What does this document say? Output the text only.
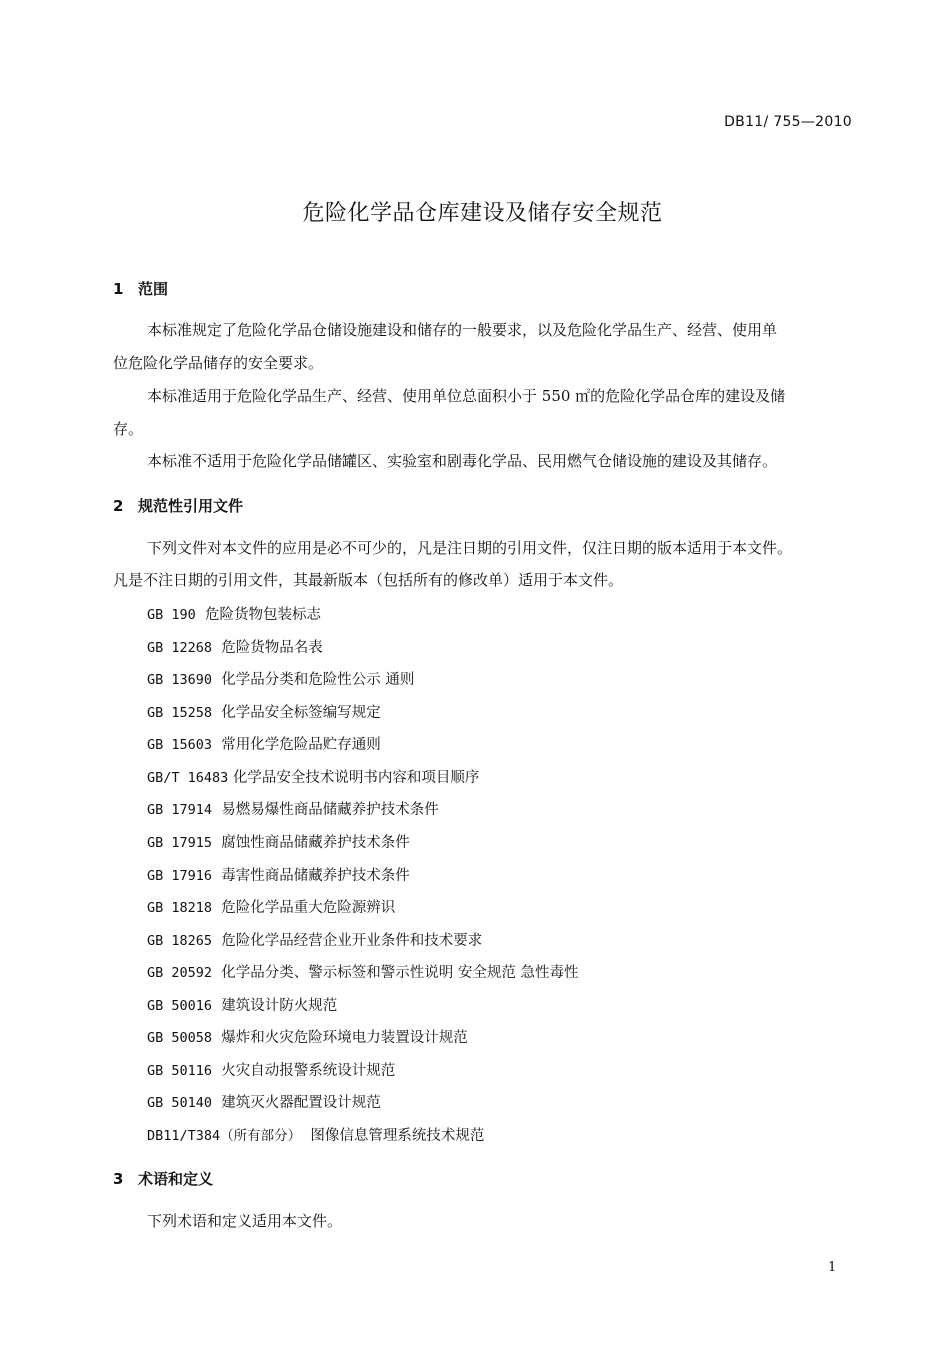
DB11/ 755—2010
危险化学品仓库建设及储存安全规范
1 范围
本标准规定了危险化学品仓储设施建设和储存的一般要求，以及危险化学品生产、经营、使用单
位危险化学品储存的安全要求。
本标准适用于危险化学品生产、经营、使用单位总面积小于 550 ㎡的危险化学品仓库的建设及储
存。
本标准不适用于危险化学品储罐区、实验室和剧毒化学品、民用燃气仓储设施的建设及其储存。
2 规范性引用文件
下列文件对本文件的应用是必不可少的，凡是注日期的引用文件，仅注日期的版本适用于本文件。
凡是不注日期的引用文件，其最新版本（包括所有的修改单）适用于本文件。
GB 190 危险货物包装标志
GB 12268 危险货物品名表
GB 13690 化学品分类和危险性公示 通则
GB 15258 化学品安全标签编写规定
GB 15603 常用化学危险品贮存通则
GB/T 16483 化学品安全技术说明书内容和项目顺序
GB 17914 易燃易爆性商品储藏养护技术条件
GB 17915 腐蚀性商品储藏养护技术条件
GB 17916 毒害性商品储藏养护技术条件
GB 18218 危险化学品重大危险源辨识
GB 18265 危险化学品经营企业开业条件和技术要求
GB 20592 化学品分类、警示标签和警示性说明 安全规范 急性毒性
GB 50016 建筑设计防火规范
GB 50058 爆炸和火灾危险环境电力装置设计规范
GB 50116 火灾自动报警系统设计规范
GB 50140 建筑灭火器配置设计规范
DB11/T384（所有部分） 图像信息管理系统技术规范
3 术语和定义
下列术语和定义适用本文件。
1
